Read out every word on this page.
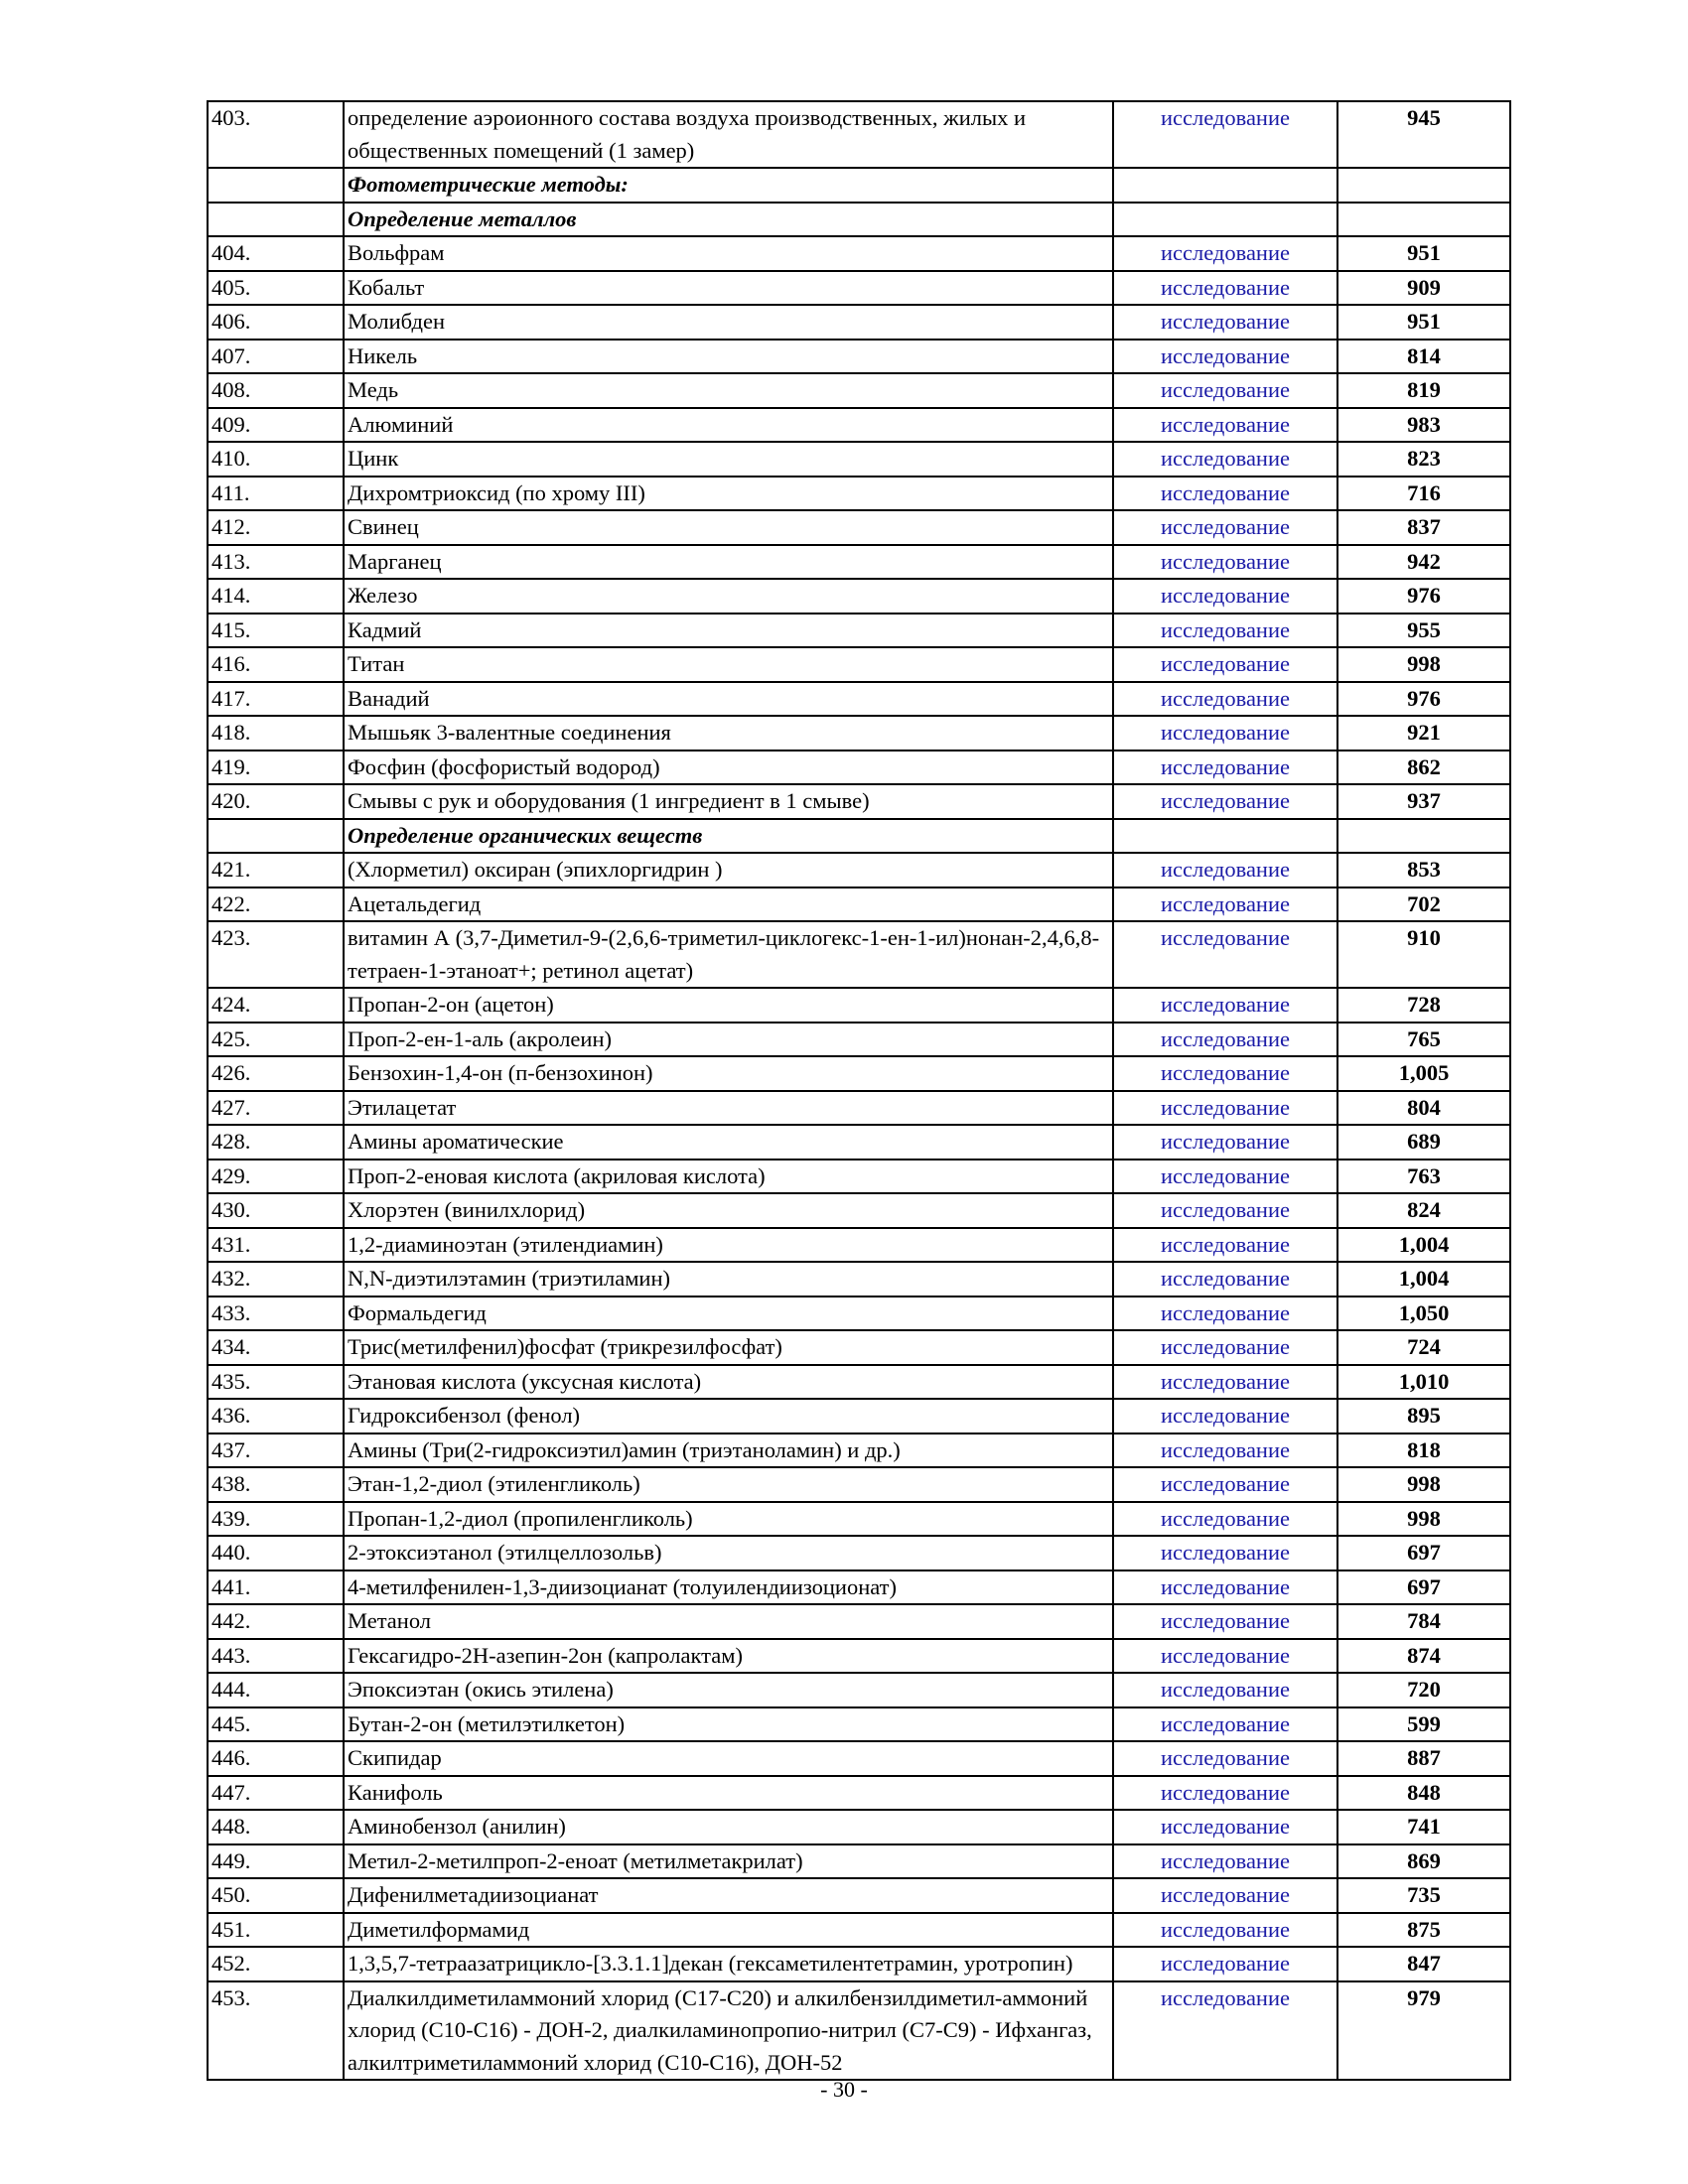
403.	определение аэроионного состава воздуха производственных, жилых и общественных помещений (1 замер)	исследование	945
	Фотометрические методы:		
	Определение металлов		
404.	Вольфрам	исследование	951
405.	Кобальт	исследование	909
406.	Молибден	исследование	951
407.	Никель	исследование	814
408.	Медь	исследование	819
409.	Алюминий	исследование	983
410.	Цинк	исследование	823
411.	Дихромтриоксид (по хрому III)	исследование	716
412.	Свинец	исследование	837
413.	Марганец	исследование	942
414.	Железо	исследование	976
415.	Кадмий	исследование	955
416.	Титан	исследование	998
417.	Ванадий	исследование	976
418.	Мышьяк 3-валентные соединения	исследование	921
419.	Фосфин (фосфористый водород)	исследование	862
420.	Смывы с рук и оборудования (1 ингредиент в 1 смыве)	исследование	937
	Определение органических веществ		
421.	(Хлорметил) оксиран (эпихлоргидрин )	исследование	853
422.	Ацетальдегид	исследование	702
423.	витамин А (3,7-Диметил-9-(2,6,6-триметил-циклогекс-1-ен-1-ил)нонан-2,4,6,8-тетраен-1-этаноат+; ретинол ацетат)	исследование	910
424.	Пропан-2-он (ацетон)	исследование	728
425.	Проп-2-ен-1-аль (акролеин)	исследование	765
426.	Бензохин-1,4-он (п-бензохинон)	исследование	1,005
427.	Этилацетат	исследование	804
428.	Амины ароматические	исследование	689
429.	Проп-2-еновая кислота (акриловая кислота)	исследование	763
430.	Хлорэтен (винилхлорид)	исследование	824
431.	1,2-диаминоэтан (этилендиамин)	исследование	1,004
432.	N,N-диэтилэтамин (триэтиламин)	исследование	1,004
433.	Формальдегид	исследование	1,050
434.	Трис(метилфенил)фосфат (трикрезилфосфат)	исследование	724
435.	Этановая кислота (уксусная кислота)	исследование	1,010
436.	Гидроксибензол (фенол)	исследование	895
437.	Амины (Три(2-гидроксиэтил)амин (триэтаноламин) и др.)	исследование	818
438.	Этан-1,2-диол (этиленгликоль)	исследование	998
439.	Пропан-1,2-диол (пропиленгликоль)	исследование	998
440.	2-этоксиэтанол (этилцеллозольв)	исследование	697
441.	4-метилфенилен-1,3-диизоцианат (толуилендиизоционат)	исследование	697
442.	Метанол	исследование	784
443.	Гексагидро-2Н-азепин-2он (капролактам)	исследование	874
444.	Эпоксиэтан (окись этилена)	исследование	720
445.	Бутан-2-он (метилэтилкетон)	исследование	599
446.	Скипидар	исследование	887
447.	Канифоль	исследование	848
448.	Аминобензол (анилин)	исследование	741
449.	Метил-2-метилпроп-2-еноат (метилметакрилат)	исследование	869
450.	Дифенилметадиизоцианат	исследование	735
451.	Диметилформамид	исследование	875
452.	1,3,5,7-тетраазатрицикло-[3.3.1.1]декан (гексаметилентетрамин, уротропин)	исследование	847
453.	Диалкилдиметиламмоний хлорид (С17-С20) и алкилбензилдиметил-аммоний хлорид (С10-С16) - ДОН-2, диалкиламинопропио-нитрил (С7-С9) - Ифхангаз, алкилтриметиламмоний хлорид (С10-С16), ДОН-52	исследование	979
- 30 -
